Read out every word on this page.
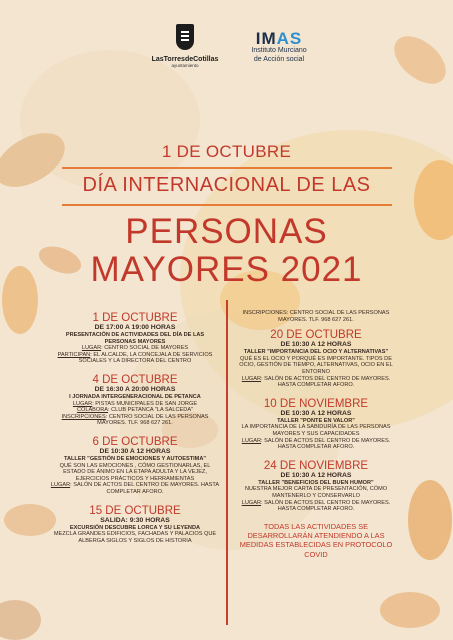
LasTorresdeCotillas
ayuntamiento
IMAS
Instituto Murciano
de Acción social
1 DE OCTUBRE
DÍA INTERNACIONAL DE LAS
PERSONAS
MAYORES 2021
1 DE OCTUBRE
DE 17:00 A 19:00 HORAS
PRESENTACIÓN DE ACTIVIDADES DEL DÍA DE LAS PERSONAS MAYORES
LUGAR: CENTRO SOCIAL DE MAYORES
PARTICIPAN: EL ALCALDE, LA CONCEJALA DE SERVICIOS SOCIALES Y LA DIRECTORA DEL CENTRO
4 DE OCTUBRE
DE 16:30 A 20:00 HORAS
I JORNADA INTERGENERACIONAL DE PETANCA
LUGAR: PISTAS MUNICIPALES DE SAN JORGE
COLABORA: CLUB PETANCA "LA SALCEDA"
INSCRIPCIONES: CENTRO SOCIAL DE LAS PERSONAS MAYORES. TLF. 968 627 261.
6 DE OCTUBRE
DE 10:30 A 12 HORAS
TALLER "GESTIÓN DE EMOCIONES Y AUTOESTIMA"
QUÉ SON LAS EMOCIONES , CÓMO GESTIONARLAS, EL ESTADO DE ÁNIMO EN LA ETAPA ADULTA Y LA VEJEZ, EJERCICIOS PRÁCTICOS Y HERRAMIENTAS
LUGAR: SALÓN DE ACTOS DEL CENTRO DE MAYORES. HASTA COMPLETAR AFORO.
15 DE OCTUBRE
SALIDA: 9:30 HORAS
EXCURSIÓN DESCUBRE LORCA Y SU LEYENDA
MEZCLA GRANDES EDIFICIOS, FACHADAS Y PALACIOS QUE ALBERGA SIGLOS Y SIGLOS DE HISTORIA
INSCRIPCIONES: CENTRO SOCIAL DE LAS PERSONAS MAYORES. TLF. 968 627 261.
20 DE OCTUBRE
DE 10:30 A 12 HORAS
TALLER "IMPORTANCIA DEL OCIO Y ALTERNATIVAS"
QUÉ ES EL OCIO Y PORQUÉ ES IMPORTANTE. TIPOS DE OCIO, GESTIÓN DE TIEMPO, ALTERNATIVAS, OCIO EN EL ENTORNO
LUGAR: SALÓN DE ACTOS DEL CENTRO DE MAYORES. HASTA COMPLETAR AFORO.
10 DE NOVIEMBRE
DE 10:30 A 12 HORAS
TALLER "PONTE EN VALOR"
LA IMPORTANCIA DE LA SABIDURÍA DE LAS PERSONAS MAYORES Y SUS CAPACIDADES
LUGAR: SALÓN DE ACTOS DEL CENTRO DE MAYORES. HASTA COMPLETAR AFORO.
24 DE NOVIEMBRE
DE 10:30 A 12 HORAS
TALLER "BENEFICIOS DEL BUEN HUMOR"
NUESTRA MEJOR CARTA DE PRESENTACIÓN, CÓMO MANTENERLO Y CONSERVARLO
LUGAR: SALÓN DE ACTOS DEL CENTRO DE MAYORES. HASTA COMPLETAR AFORO.
TODAS LAS ACTIVIDADES SE DESARROLLARÁN ATENDIENDO A LAS MEDIDAS ESTABLECIDAS EN PROTOCOLO COVID
